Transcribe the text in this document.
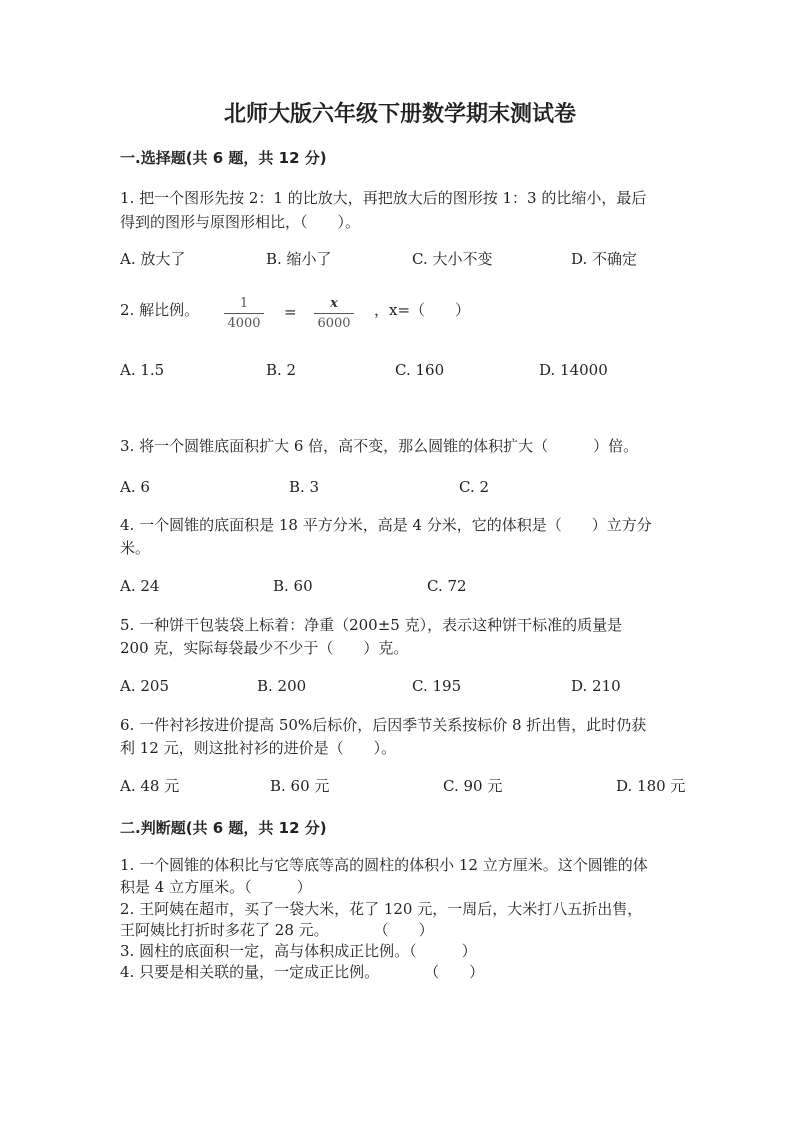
北师大版六年级下册数学期末测试卷
一.选择题(共 6 题，共 12 分)
1. 把一个图形先按 2：1 的比放大，再把放大后的图形按 1：3 的比缩小，最后
得到的图形与原图形相比，（　　）。
A. 放大了	B. 缩小了	C. 大小不变	D. 不确定
2. 解比例。	1
4000
=	x
6000
，x=（　　）
A. 1.5	B. 2	C. 160	D. 14000
3. 将一个圆锥底面积扩大 6 倍，高不变，那么圆锥的体积扩大（　　　）倍。
A. 6	B. 3	C. 2
4. 一个圆锥的底面积是 18 平方分米，高是 4 分米，它的体积是（　　）立方分
米。
A. 24	B. 60	C. 72
5. 一种饼干包装袋上标着：净重（200±5 克），表示这种饼干标准的质量是
200 克，实际每袋最少不少于（　　）克。
A. 205	B. 200	C. 195	D. 210
6. 一件衬衫按进价提高 50%后标价，后因季节关系按标价 8 折出售，此时仍获
利 12 元，则这批衬衫的进价是（　　）。
A. 48 元	B. 60 元	C. 90 元	D. 180 元
二.判断题(共 6 题，共 12 分)
1. 一个圆锥的体积比与它等底等高的圆柱的体积小 12 立方厘米。这个圆锥的体
积是 4 立方厘米。（　　　）
2. 王阿姨在超市，买了一袋大米，花了 120 元，一周后，大米打八五折出售，
王阿姨比打折时多花了 28 元。　　　　（　　）
3. 圆柱的底面积一定，高与体积成正比例。（　　　）
4. 只要是相关联的量，一定成正比例。　　　　（　　）
